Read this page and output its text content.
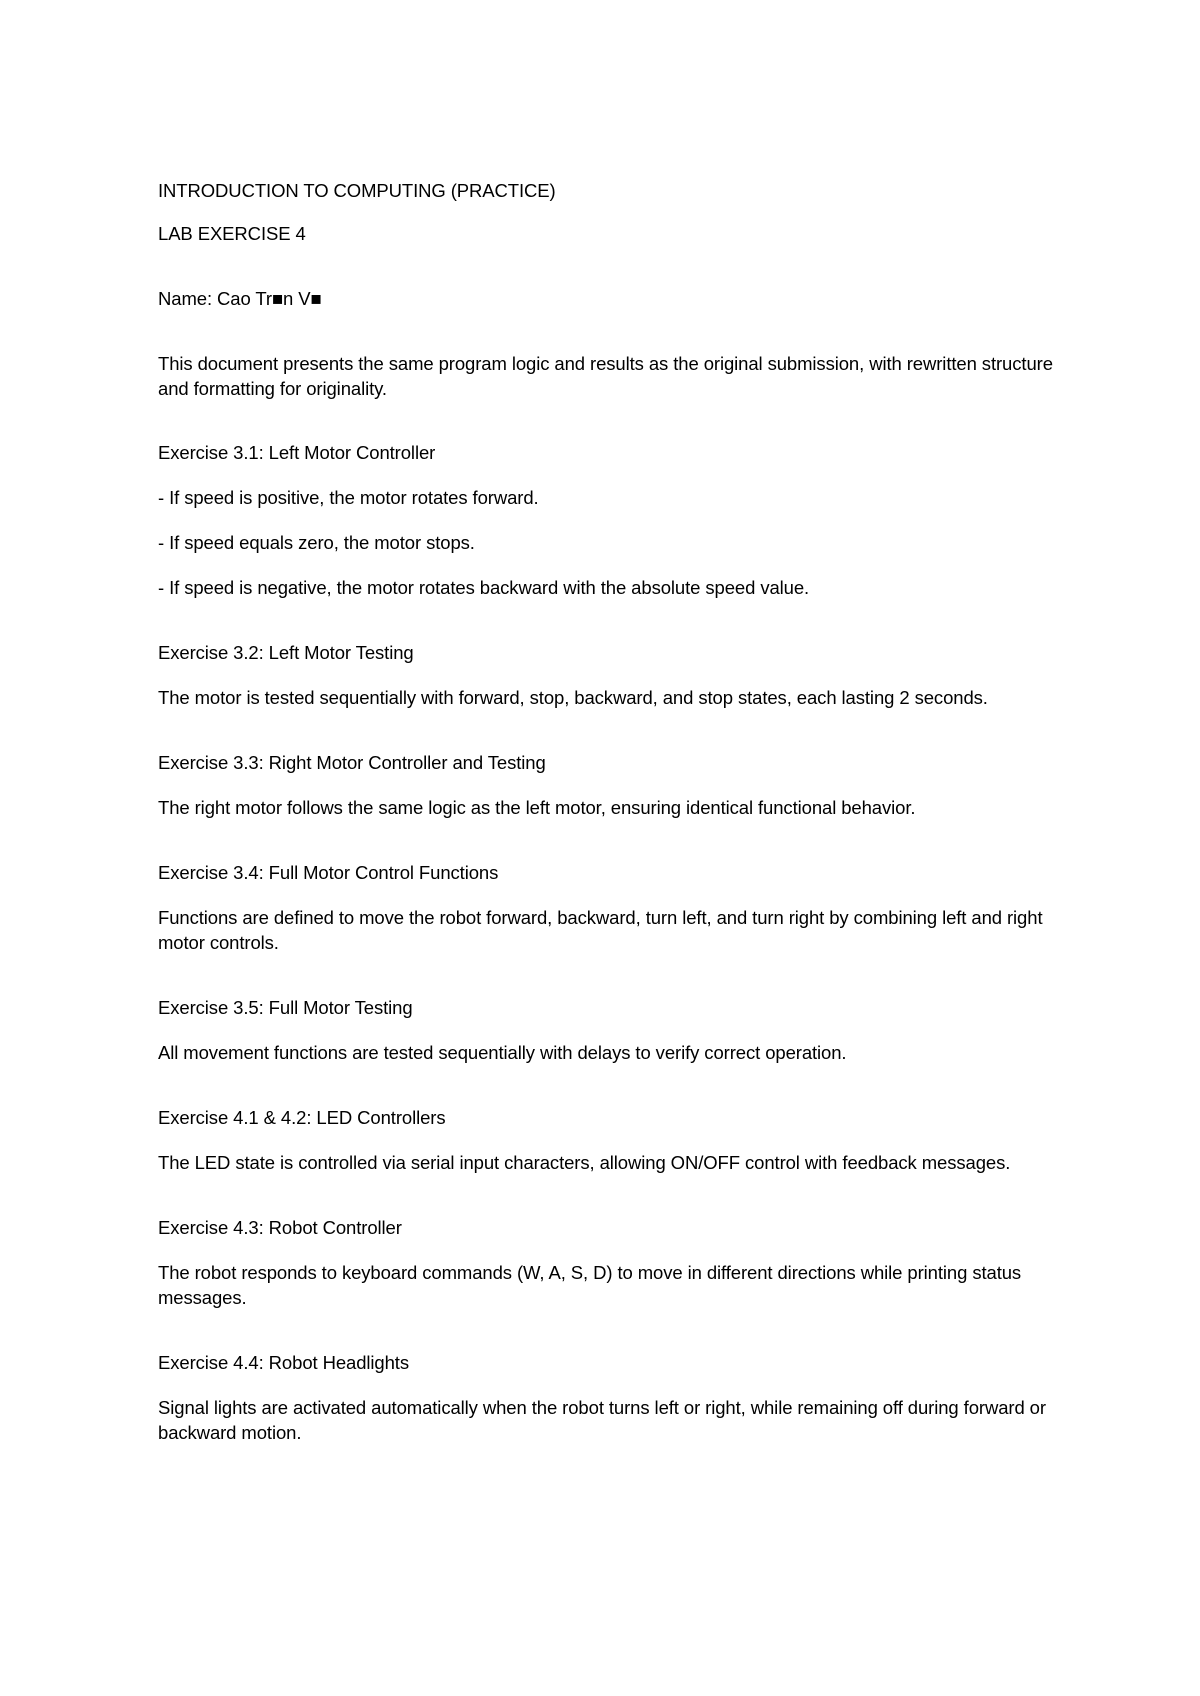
INTRODUCTION TO COMPUTING (PRACTICE)

LAB EXERCISE 4

Name: Cao Tr■n V■

This document presents the same program logic and results as the original submission, with rewritten structure and formatting for originality.

Exercise 3.1: Left Motor Controller

- If speed is positive, the motor rotates forward.

- If speed equals zero, the motor stops.

- If speed is negative, the motor rotates backward with the absolute speed value.

Exercise 3.2: Left Motor Testing

The motor is tested sequentially with forward, stop, backward, and stop states, each lasting 2 seconds.

Exercise 3.3: Right Motor Controller and Testing

The right motor follows the same logic as the left motor, ensuring identical functional behavior.

Exercise 3.4: Full Motor Control Functions

Functions are defined to move the robot forward, backward, turn left, and turn right by combining left and right motor controls.

Exercise 3.5: Full Motor Testing

All movement functions are tested sequentially with delays to verify correct operation.

Exercise 4.1 & 4.2: LED Controllers

The LED state is controlled via serial input characters, allowing ON/OFF control with feedback messages.

Exercise 4.3: Robot Controller

The robot responds to keyboard commands (W, A, S, D) to move in different directions while printing status messages.

Exercise 4.4: Robot Headlights

Signal lights are activated automatically when the robot turns left or right, while remaining off during forward or backward motion.
